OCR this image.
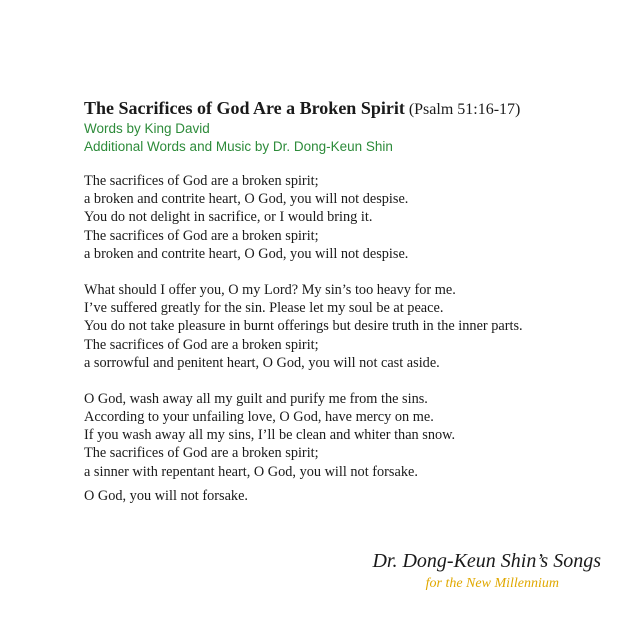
The Sacrifices of God Are a Broken Spirit (Psalm 51:16-17)
Words by King David
Additional Words and Music by Dr. Dong-Keun Shin
The sacrifices of God are a broken spirit;
a broken and contrite heart, O God, you will not despise.
You do not delight in sacrifice, or I would bring it.
The sacrifices of God are a broken spirit;
a broken and contrite heart, O God, you will not despise.
What should I offer you, O my Lord? My sin’s too heavy for me.
I’ve suffered greatly for the sin. Please let my soul be at peace.
You do not take pleasure in burnt offerings but desire truth in the inner parts.
The sacrifices of God are a broken spirit;
a sorrowful and penitent heart, O God, you will not cast aside.
O God, wash away all my guilt and purify me from the sins.
According to your unfailing love, O God, have mercy on me.
If you wash away all my sins, I’ll be clean and whiter than snow.
The sacrifices of God are a broken spirit;
a sinner with repentant heart, O God, you will not forsake.
O God, you will not forsake.
Dr. Dong-Keun Shin’s Songs
for the New Millennium
